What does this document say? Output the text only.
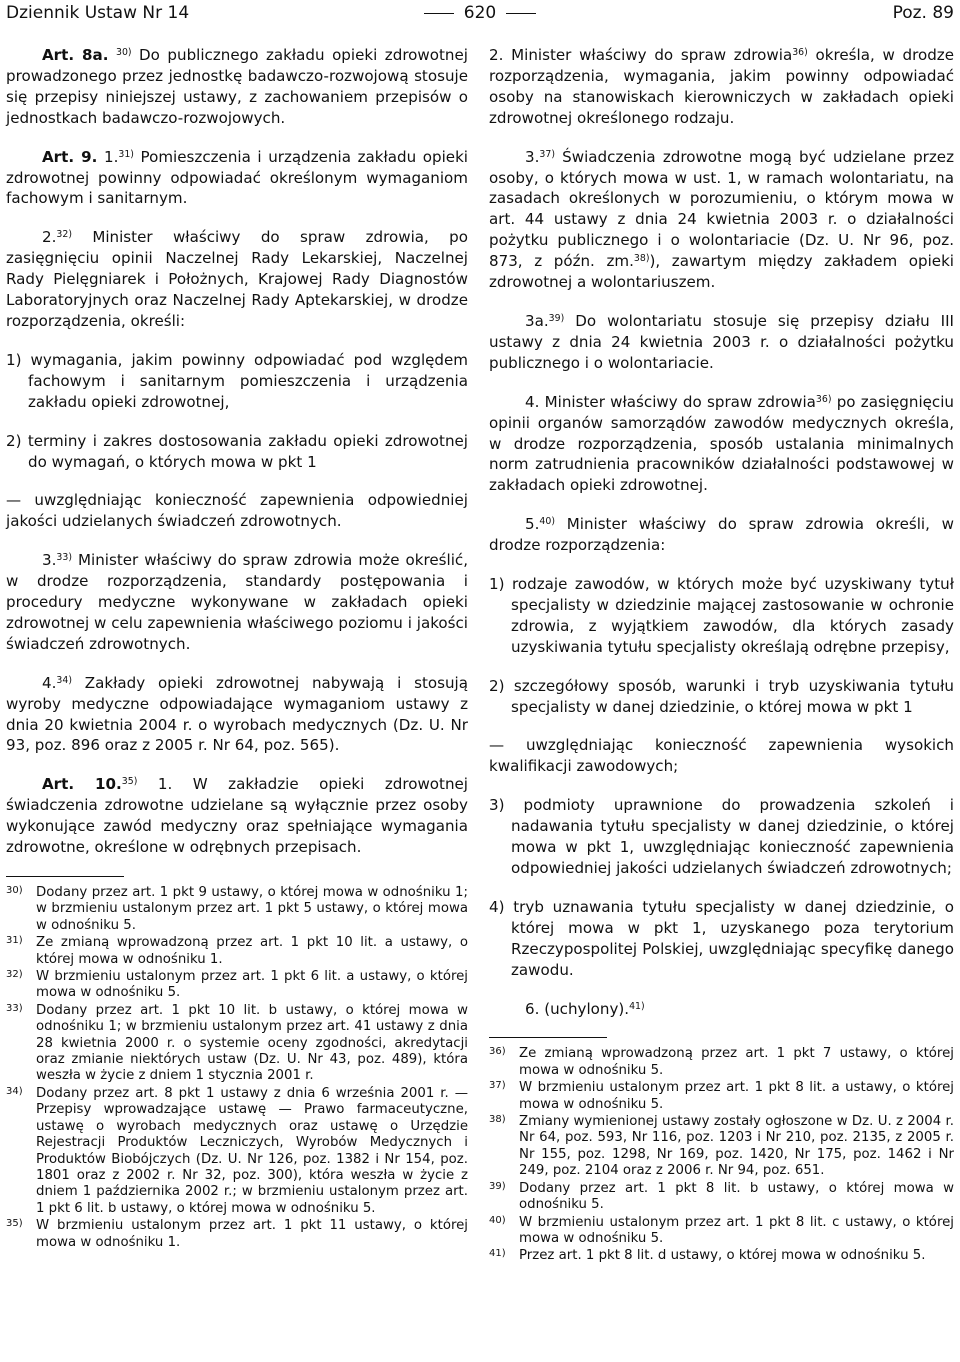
Dziennik Ustaw Nr 14	620	Poz. 89

Art. 8a. $^{30)}$ Do publicznego zakładu opieki zdrowotnej prowadzonego przez jednostkę badawczo-rozwojową stosuje się przepisy niniejszej ustawy, z zachowaniem przepisów o jednostkach badawczo-rozwojowych.

Art. 9. 1.$^{31)}$ Pomieszczenia i urządzenia zakładu opieki zdrowotnej powinny odpowiadać określonym wymaganiom fachowym i sanitarnym.

2.$^{32)}$ Minister właściwy do spraw zdrowia, po zasięgnięciu opinii Naczelnej Rady Lekarskiej, Naczelnej Rady Pielęgniarek i Położnych, Krajowej Rady Diagnostów Laboratoryjnych oraz Naczelnej Rady Aptekarskiej, w drodze rozporządzenia, określi:

1) wymagania, jakim powinny odpowiadać pod względem fachowym i sanitarnym pomieszczenia i urządzenia zakładu opieki zdrowotnej,

2) terminy i zakres dostosowania zakładu opieki zdrowotnej do wymagań, o których mowa w pkt 1

— uwzględniając konieczność zapewnienia odpowiedniej jakości udzielanych świadczeń zdrowotnych.

3.$^{33)}$ Minister właściwy do spraw zdrowia może określić, w drodze rozporządzenia, standardy postępowania i procedury medyczne wykonywane w zakładach opieki zdrowotnej w celu zapewnienia właściwego poziomu i jakości świadczeń zdrowotnych.

4.$^{34)}$ Zakłady opieki zdrowotnej nabywają i stosują wyroby medyczne odpowiadające wymaganiom ustawy z dnia 20 kwietnia 2004 r. o wyrobach medycznych (Dz. U. Nr 93, poz. 896 oraz z 2005 r. Nr 64, poz. 565).

Art. 10.$^{35)}$ 1. W zakładzie opieki zdrowotnej świadczenia zdrowotne udzielane są wyłącznie przez osoby wykonujące zawód medyczny oraz spełniające wymagania zdrowotne, określone w odrębnych przepisach.

30) Dodany przez art. 1 pkt 9 ustawy, o której mowa w odnośniku 1; w brzmieniu ustalonym przez art. 1 pkt 5 ustawy, o której mowa w odnośniku 5.
31) Ze zmianą wprowadzoną przez art. 1 pkt 10 lit. a ustawy, o której mowa w odnośniku 1.
32) W brzmieniu ustalonym przez art. 1 pkt 6 lit. a ustawy, o której mowa w odnośniku 5.
33) Dodany przez art. 1 pkt 10 lit. b ustawy, o której mowa w odnośniku 1; w brzmieniu ustalonym przez art. 41 ustawy z dnia 28 kwietnia 2000 r. o systemie oceny zgodności, akredytacji oraz zmianie niektórych ustaw (Dz. U. Nr 43, poz. 489), która weszła w życie z dniem 1 stycznia 2001 r.
34) Dodany przez art. 8 pkt 1 ustawy z dnia 6 września 2001 r. — Przepisy wprowadzające ustawę — Prawo farmaceutyczne, ustawę o wyrobach medycznych oraz ustawę o Urzędzie Rejestracji Produktów Leczniczych, Wyrobów Medycznych i Produktów Biobójczych (Dz. U. Nr 126, poz. 1382 i Nr 154, poz. 1801 oraz z 2002 r. Nr 32, poz. 300), która weszła w życie z dniem 1 października 2002 r.; w brzmieniu ustalonym przez art. 1 pkt 6 lit. b ustawy, o której mowa w odnośniku 5.
35) W brzmieniu ustalonym przez art. 1 pkt 11 ustawy, o której mowa w odnośniku 1.

2. Minister właściwy do spraw zdrowia$^{36)}$ określa, w drodze rozporządzenia, wymagania, jakim powinny odpowiadać osoby na stanowiskach kierowniczych w zakładach opieki zdrowotnej określonego rodzaju.

3.$^{37)}$ Świadczenia zdrowotne mogą być udzielane przez osoby, o których mowa w ust. 1, w ramach wolontariatu, na zasadach określonych w porozumieniu, o którym mowa w art. 44 ustawy z dnia 24 kwietnia 2003 r. o działalności pożytku publicznego i o wolontariacie (Dz. U. Nr 96, poz. 873, z późn. zm.$^{38)}$), zawartym między zakładem opieki zdrowotnej a wolontariuszem.

3a.$^{39)}$ Do wolontariatu stosuje się przepisy działu III ustawy z dnia 24 kwietnia 2003 r. o działalności pożytku publicznego i o wolontariacie.

4. Minister właściwy do spraw zdrowia$^{36)}$ po zasięgnięciu opinii organów samorządów zawodów medycznych określa, w drodze rozporządzenia, sposób ustalania minimalnych norm zatrudnienia pracowników działalności podstawowej w zakładach opieki zdrowotnej.

5.$^{40)}$ Minister właściwy do spraw zdrowia określi, w drodze rozporządzenia:

1) rodzaje zawodów, w których może być uzyskiwany tytuł specjalisty w dziedzinie mającej zastosowanie w ochronie zdrowia, z wyjątkiem zawodów, dla których zasady uzyskiwania tytułu specjalisty określają odrębne przepisy,

2) szczegółowy sposób, warunki i tryb uzyskiwania tytułu specjalisty w danej dziedzinie, o której mowa w pkt 1

— uwzględniając konieczność zapewnienia wysokich kwalifikacji zawodowych;

3) podmioty uprawnione do prowadzenia szkoleń i nadawania tytułu specjalisty w danej dziedzinie, o której mowa w pkt 1, uwzględniając konieczność zapewnienia odpowiedniej jakości udzielanych świadczeń zdrowotnych;

4) tryb uznawania tytułu specjalisty w danej dziedzinie, o której mowa w pkt 1, uzyskanego poza terytorium Rzeczypospolitej Polskiej, uwzględniając specyfikę danego zawodu.

6. (uchylony).$^{41)}$

36) Ze zmianą wprowadzoną przez art. 1 pkt 7 ustawy, o której mowa w odnośniku 5.
37) W brzmieniu ustalonym przez art. 1 pkt 8 lit. a ustawy, o której mowa w odnośniku 5.
38) Zmiany wymienionej ustawy zostały ogłoszone w Dz. U. z 2004 r. Nr 64, poz. 593, Nr 116, poz. 1203 i Nr 210, poz. 2135, z 2005 r. Nr 155, poz. 1298, Nr 169, poz. 1420, Nr 175, poz. 1462 i Nr 249, poz. 2104 oraz z 2006 r. Nr 94, poz. 651.
39) Dodany przez art. 1 pkt 8 lit. b ustawy, o której mowa w odnośniku 5.
40) W brzmieniu ustalonym przez art. 1 pkt 8 lit. c ustawy, o której mowa w odnośniku 5.
41) Przez art. 1 pkt 8 lit. d ustawy, o której mowa w odnośniku 5.
